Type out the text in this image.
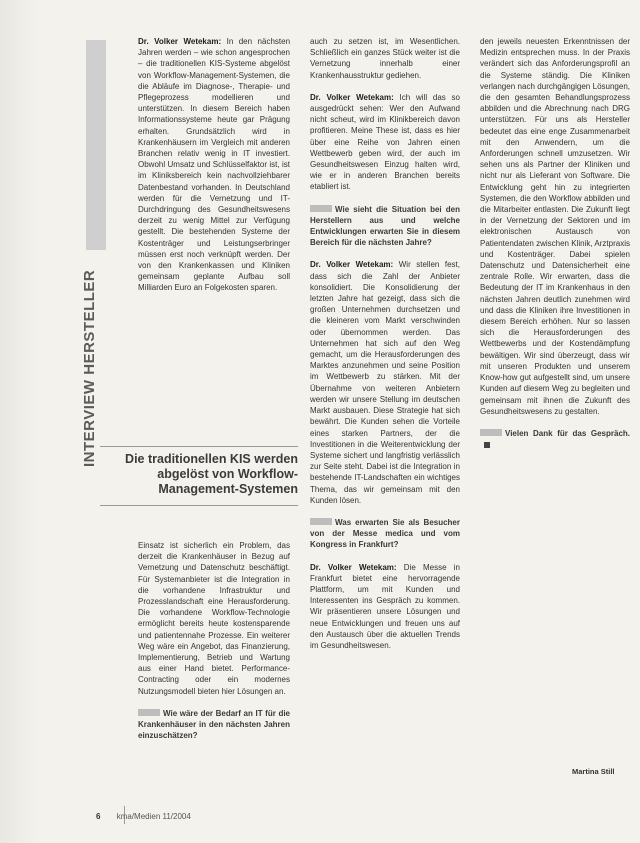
INTERVIEW HERSTELLER

Dr. Volker Wetekam: In den nächsten Jahren werden – wie schon angesprochen – die traditionellen KIS-Systeme abgelöst von Workflow-Management-Systemen, die die Abläufe im Diagnose-, Therapie- und Pflegeprozess modellieren und unterstützen. In diesem Bereich haben Informationssysteme heute gar Prägung erhalten. Grundsätzlich wird in Krankenhäusern im Vergleich mit anderen Branchen relativ wenig in IT investiert. Obwohl Umsatz und Schlüsselfaktor ist, ist im Kliniksbereich kein nachvollziehbarer Datenbestand vorhanden. In Deutschland werden für die Vernetzung und IT-Durchdringung des Gesundheitswesens derzeit zu wenig Mittel zur Verfügung gestellt. Die bestehenden Systeme der Kostenträger und Leistungserbringer müssen erst noch verknüpft werden. Der von den Krankenkassen und Kliniken gemeinsam geplante Aufbau soll Milliarden Euro an Folgekosten sparen.

Die traditionellen KIS werden abgelöst von Workflow-Management-Systemen

Einsatz ist sicherlich ein Problem, das derzeit die Krankenhäuser in Bezug auf Vernetzung und Datenschutz beschäftigt. Für Systemanbieter ist die Integration in die vorhandene Infrastruktur und Prozesslandschaft eine Herausforderung. Die vorhandene Workflow-Technologie ermöglicht bereits heute kostensparende und patientennahe Prozesse. Ein weiterer Weg wäre ein Angebot, das Finanzierung, Implementierung, Betrieb und Wartung aus einer Hand bietet. Performance-Contracting oder ein modernes Nutzungsmodell bieten hier Lösungen an.

Wie wäre der Bedarf an IT für die Krankenhäuser in den nächsten Jahren einzuschätzen?

auch zu setzen ist, im Wesentlichen. Schließlich ein ganzes Stück weiter ist die Vernetzung innerhalb einer Krankenhausstruktur gediehen.

Dr. Volker Wetekam: Ich will das so ausgedrückt sehen: Wer den Aufwand nicht scheut, wird im Klinikbereich davon profitieren. Meine These ist, dass es hier über eine Reihe von Jahren einen Wettbewerb geben wird, der auch im Gesundheitswesen Einzug halten wird, wie er in anderen Branchen bereits etabliert ist.

Wie sieht die Situation bei den Herstellern aus und welche Entwicklungen erwarten Sie in diesem Bereich für die nächsten Jahre?

Dr. Volker Wetekam: Wir stellen fest, dass sich die Zahl der Anbieter konsolidiert. Die Konsolidierung der letzten Jahre hat gezeigt, dass sich die großen Unternehmen durchsetzen und die kleineren vom Markt verschwinden oder übernommen werden. Das Unternehmen hat sich auf den Weg gemacht, um die Herausforderungen des Marktes anzunehmen und seine Position im Wettbewerb zu stärken. Mit der Übernahme von weiteren Anbietern werden wir unsere Stellung im deutschen Markt ausbauen. Diese Strategie hat sich bewährt. Die Kunden sehen die Vorteile eines starken Partners, der die Investitionen in die Weiterentwicklung der Systeme sichert und langfristig verlässlich zur Seite steht. Dabei ist die Integration in bestehende IT-Landschaften ein wichtiges Thema, das wir gemeinsam mit den Kunden lösen.

Was erwarten Sie als Besucher von der Messe medica und vom Kongress in Frankfurt?

Dr. Volker Wetekam: Die Messe in Frankfurt bietet eine hervorragende Plattform, um mit Kunden und Interessenten ins Gespräch zu kommen. Wir präsentieren unsere Lösungen und neue Entwicklungen und freuen uns auf den Austausch über die aktuellen Trends im Gesundheitswesen.

den jeweils neuesten Erkenntnissen der Medizin entsprechen muss. In der Praxis verändert sich das Anforderungsprofil an die Systeme ständig. Die Kliniken verlangen nach durchgängigen Lösungen, die den gesamten Behandlungsprozess abbilden und die Abrechnung nach DRG unterstützen. Für uns als Hersteller bedeutet das eine enge Zusammenarbeit mit den Anwendern, um die Anforderungen schnell umzusetzen. Wir sehen uns als Partner der Kliniken und nicht nur als Lieferant von Software. Die Entwicklung geht hin zu integrierten Systemen, die den Workflow abbilden und die Mitarbeiter entlasten. Die Zukunft liegt in der Vernetzung der Sektoren und im elektronischen Austausch von Patientendaten zwischen Klinik, Arztpraxis und Kostenträger. Dabei spielen Datenschutz und Datensicherheit eine zentrale Rolle. Wir erwarten, dass die Bedeutung der IT im Krankenhaus in den nächsten Jahren deutlich zunehmen wird und dass die Kliniken ihre Investitionen in diesem Bereich erhöhen. Nur so lassen sich die Herausforderungen des Wettbewerbs und der Kostendämpfung bewältigen. Wir sind überzeugt, dass wir mit unseren Produkten und unserem Know-how gut aufgestellt sind, um unsere Kunden auf diesem Weg zu begleiten und gemeinsam mit ihnen die Zukunft des Gesundheitswesens zu gestalten.

Vielen Dank für das Gespräch.

Martina Still
6 kma/Medien 11/2004
